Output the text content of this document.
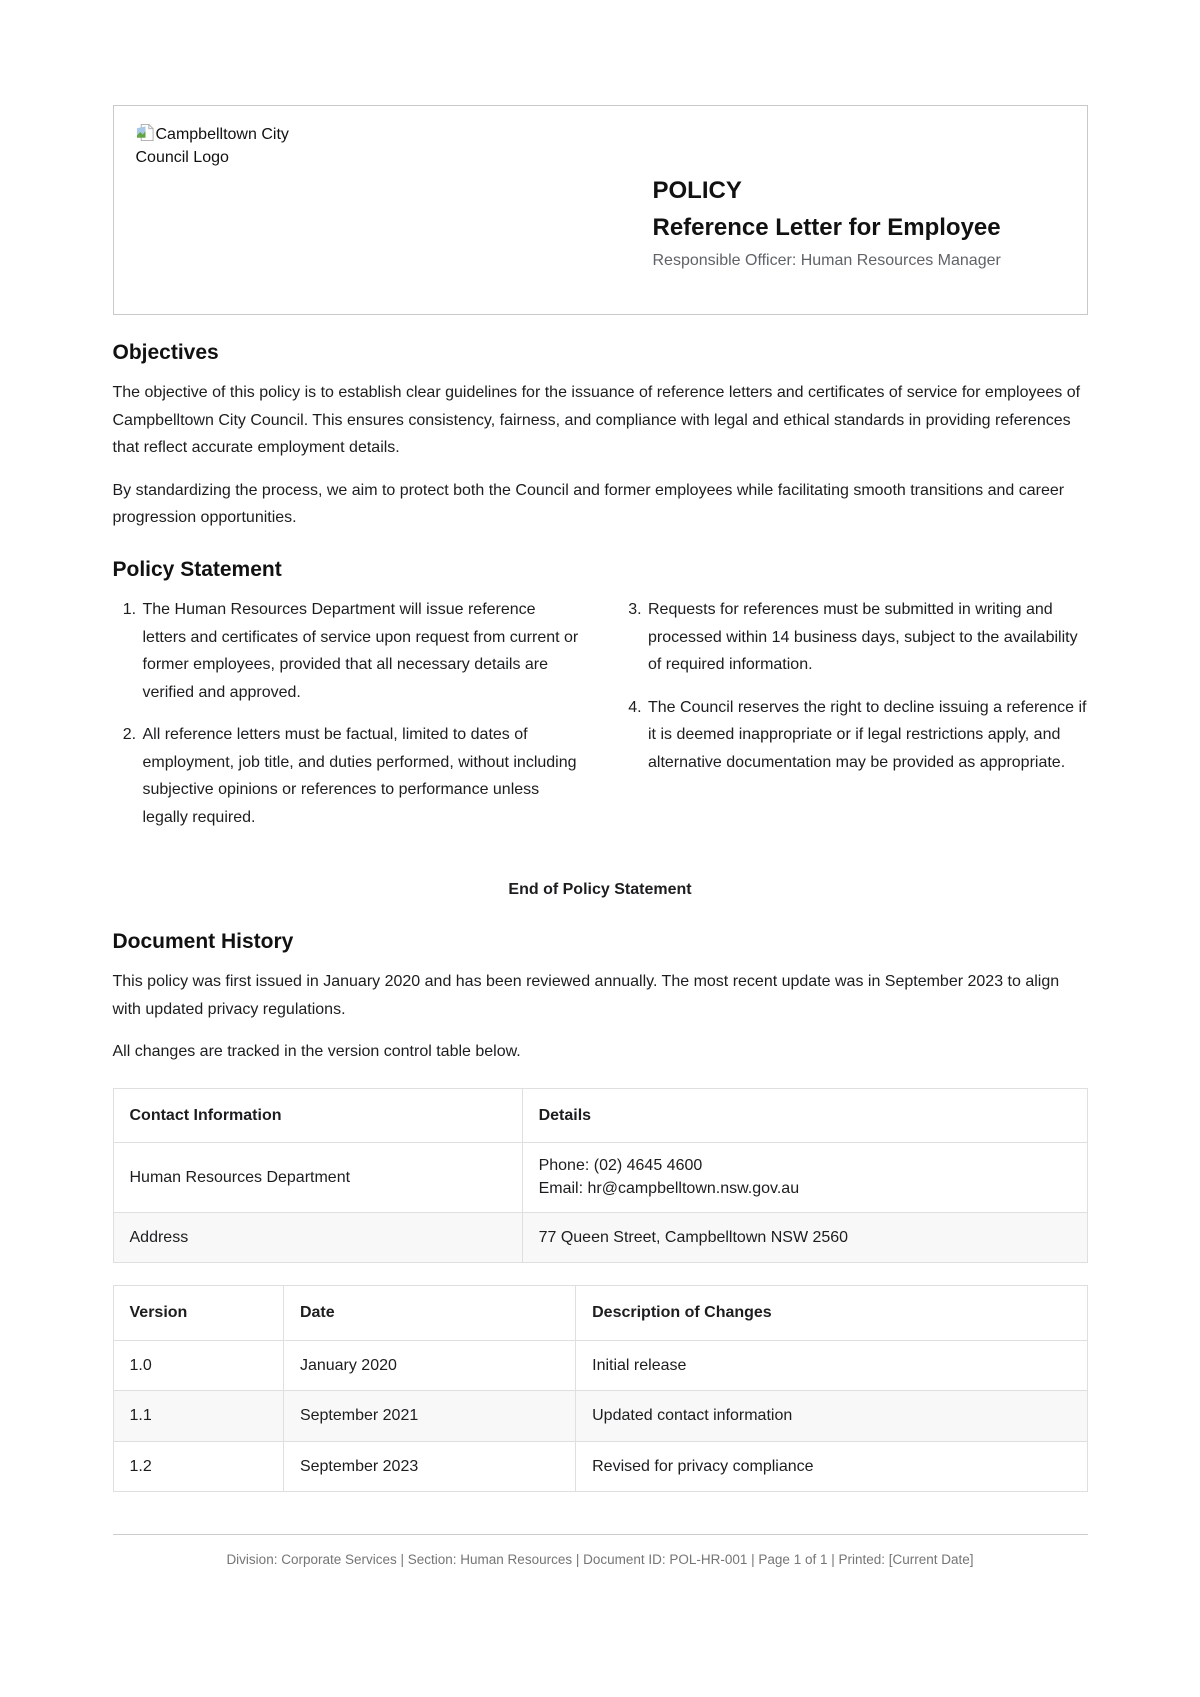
Campbelltown City Council Logo
POLICY
Reference Letter for Employee
Responsible Officer: Human Resources Manager
Objectives

The objective of this policy is to establish clear guidelines for the issuance of reference letters and certificates of service for employees of Campbelltown City Council. This ensures consistency, fairness, and compliance with legal and ethical standards in providing references that reflect accurate employment details.

By standardizing the process, we aim to protect both the Council and former employees while facilitating smooth transitions and career progression opportunities.

Policy Statement
1. The Human Resources Department will issue reference letters and certificates of service upon request from current or former employees, provided that all necessary details are verified and approved.
2. All reference letters must be factual, limited to dates of employment, job title, and duties performed, without including subjective opinions or references to performance unless legally required.
3. Requests for references must be submitted in writing and processed within 14 business days, subject to the availability of required information.
4. The Council reserves the right to decline issuing a reference if it is deemed inappropriate or if legal restrictions apply, and alternative documentation may be provided as appropriate.
End of Policy Statement
Document History

This policy was first issued in January 2020 and has been reviewed annually. The most recent update was in September 2023 to align with updated privacy regulations.

All changes are tracked in the version control table below.

Contact Information	Details
Human Resources Department	Phone: (02) 4645 4600
Email: hr@campbelltown.nsw.gov.au

Address	77 Queen Street, Campbelltown NSW 2560
Version	Date	Description of Changes
1.0	January 2020	Initial release
1.1	September 2021	Updated contact information
1.2	September 2023	Revised for privacy compliance
Division: Corporate Services | Section: Human Resources | Document ID: POL-HR-001 | Page 1 of 1 | Printed: [Current Date]
